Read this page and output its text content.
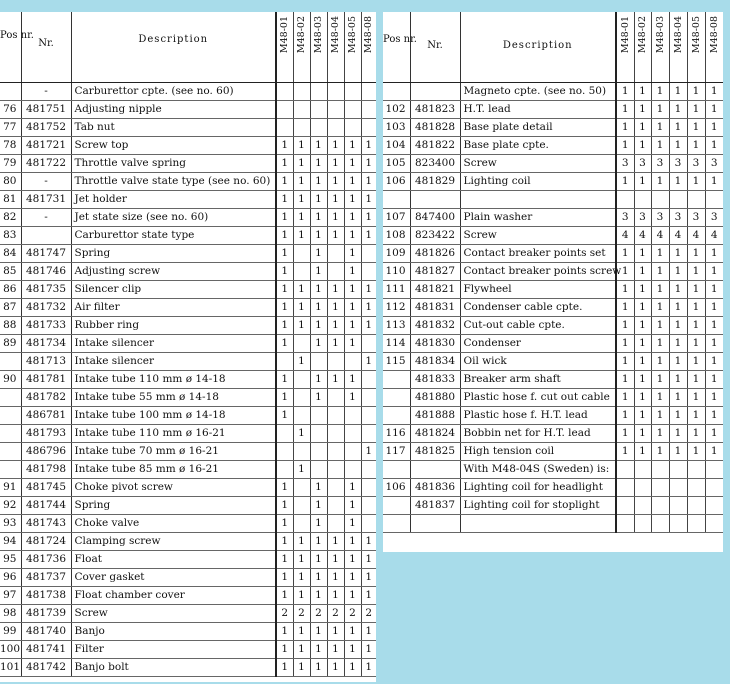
Pos nr.	Nr.	Description	M48-01	M48-02	M48-03	M48-04	M48-05	M48-08
	-	Carburettor cpte. (see no. 60)						
76	481751	Adjusting nipple						
77	481752	Tab nut						
78	481721	Screw top	1	1	1	1	1	1
79	481722	Throttle valve spring	1	1	1	1	1	1
80	-	Throttle valve state type (see no. 60)	1	1	1	1	1	1
81	481731	Jet holder	1	1	1	1	1	1
82	-	Jet state size (see no. 60)	1	1	1	1	1	1
83		Carburettor state type	1	1	1	1	1	1
84	481747	Spring	1		1		1	
85	481746	Adjusting screw	1		1		1	
86	481735	Silencer clip	1	1	1	1	1	1
87	481732	Air filter	1	1	1	1	1	1
88	481733	Rubber ring	1	1	1	1	1	1
89	481734	Intake silencer	1		1	1	1	
	481713	Intake silencer		1				1
90	481781	Intake tube 110 mm ø 14-18	1		1	1	1	
	481782	Intake tube 55 mm ø 14-18	1		1		1	
	486781	Intake tube 100 mm ø 14-18	1					
	481793	Intake tube 110 mm ø 16-21		1				
	486796	Intake tube 70 mm ø 16-21						1
	481798	Intake tube 85 mm ø 16-21		1				
91	481745	Choke pivot screw	1		1		1	
92	481744	Spring	1		1		1	
93	481743	Choke valve	1		1		1	
94	481724	Clamping screw	1	1	1	1	1	1
95	481736	Float	1	1	1	1	1	1
96	481737	Cover gasket	1	1	1	1	1	1
97	481738	Float chamber cover	1	1	1	1	1	1
98	481739	Screw	2	2	2	2	2	2
99	481740	Banjo	1	1	1	1	1	1
100	481741	Filter	1	1	1	1	1	1
101	481742	Banjo bolt	1	1	1	1	1	1
Pos nr.	Nr.	Description	M48-01	M48-02	M48-03	M48-04	M48-05	M48-08
		Magneto cpte. (see no. 50)	1	1	1	1	1	1
102	481823	H.T. lead	1	1	1	1	1	1
103	481828	Base plate detail	1	1	1	1	1	1
104	481822	Base plate cpte.	1	1	1	1	1	1
105	823400	Screw	3	3	3	3	3	3
106	481829	Lighting coil	1	1	1	1	1	1

107	847400	Plain washer	3	3	3	3	3	3
108	823422	Screw	4	4	4	4	4	4
109	481826	Contact breaker points set	1	1	1	1	1	1
110	481827	Contact breaker points screw	1	1	1	1	1	1
111	481821	Flywheel	1	1	1	1	1	1
112	481831	Condenser cable cpte.	1	1	1	1	1	1
113	481832	Cut-out cable cpte.	1	1	1	1	1	1
114	481830	Condenser	1	1	1	1	1	1
115	481834	Oil wick	1	1	1	1	1	1
	481833	Breaker arm shaft	1	1	1	1	1	1
	481880	Plastic hose f. cut out cable	1	1	1	1	1	1
	481888	Plastic hose f. H.T. lead	1	1	1	1	1	1
116	481824	Bobbin net for H.T. lead	1	1	1	1	1	1
117	481825	High tension coil	1	1	1	1	1	1
		With M48-04S (Sweden) is:						
106	481836	Lighting coil for headlight						
	481837	Lighting coil for stoplight						
